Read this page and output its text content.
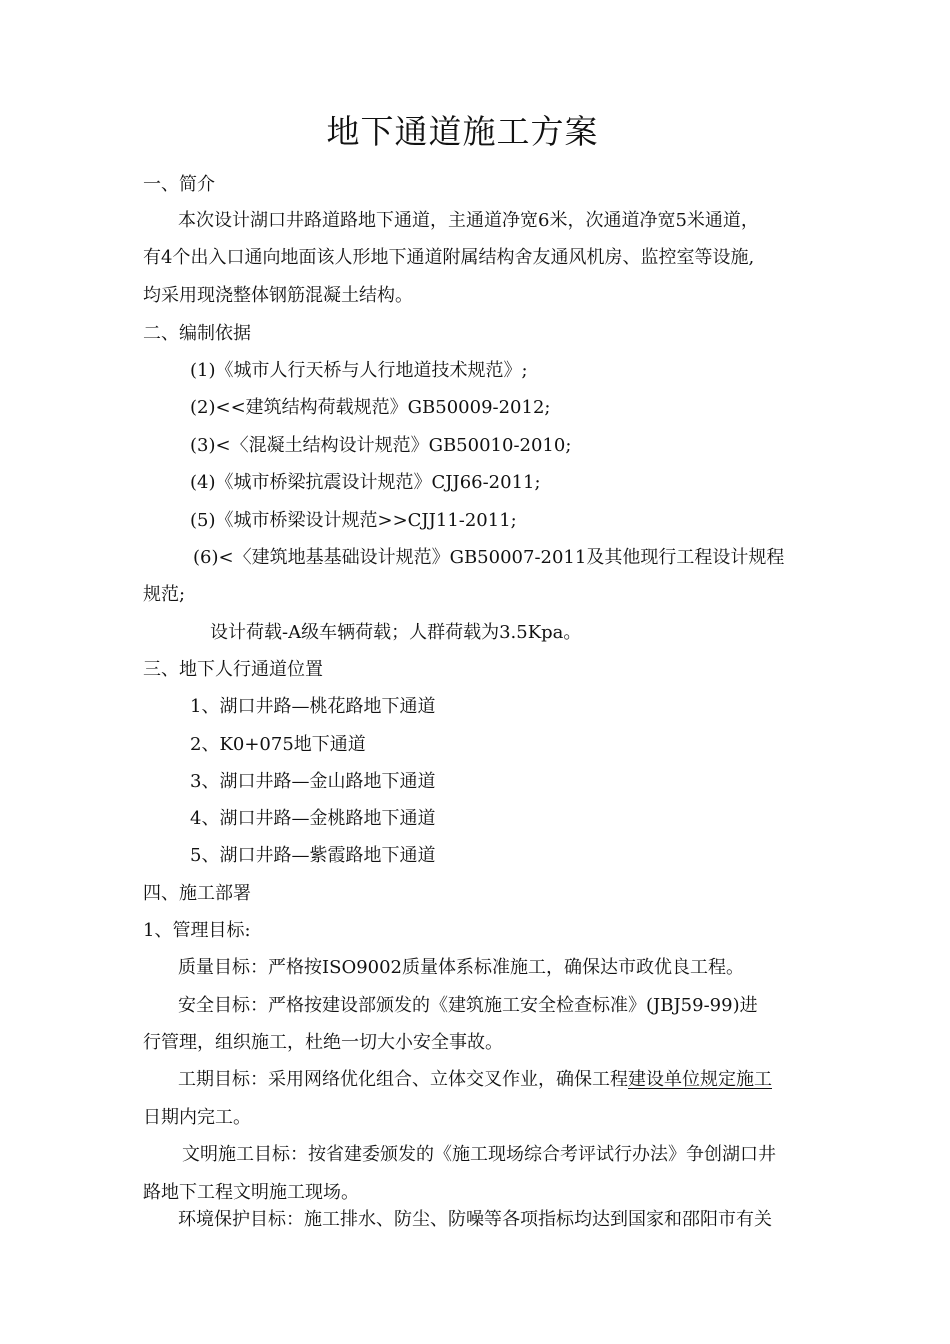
地下通道施工方案
一、简介
本次设计湖口井路道路地下通道，主通道净宽6米，次通道净宽5米通道，
有4个出入口通向地面该人形地下通道附属结构舍友通风机房、监控室等设施,
均采用现浇整体钢筋混凝土结构。
二、编制依据
(1)《城市人行天桥与人行地道技术规范》;
(2)<<建筑结构荷载规范》GB50009-2012;
(3)<〈混凝土结构设计规范》GB50010-2010;
(4)《城市桥梁抗震设计规范》CJJ66-2011;
(5)《城市桥梁设计规范>>CJJ11-2011;
(6)<〈建筑地基基础设计规范》GB50007-2011及其他现行工程设计规程
规范;
设计荷载-A级车辆荷载；人群荷载为3.5Kpa。
三、地下人行通道位置
1、湖口井路—桃花路地下通道
2、K0+075地下通道
3、湖口井路—金山路地下通道
4、湖口井路—金桃路地下通道
5、湖口井路—紫霞路地下通道
四、施工部署
1、管理目标:
质量目标：严格按ISO9002质量体系标准施工，确保达市政优良工程。
安全目标：严格按建设部颁发的《建筑施工安全检查标准》(JBJ59-99)进
行管理，组织施工，杜绝一切大小安全事故。
工期目标：采用网络优化组合、立体交叉作业，确保工程建设单位规定施工
日期内完工。
文明施工目标：按省建委颁发的《施工现场综合考评试行办法》争创湖口井
路地下工程文明施工现场。
环境保护目标：施工排水、防尘、防噪等各项指标均达到国家和邵阳市有关
